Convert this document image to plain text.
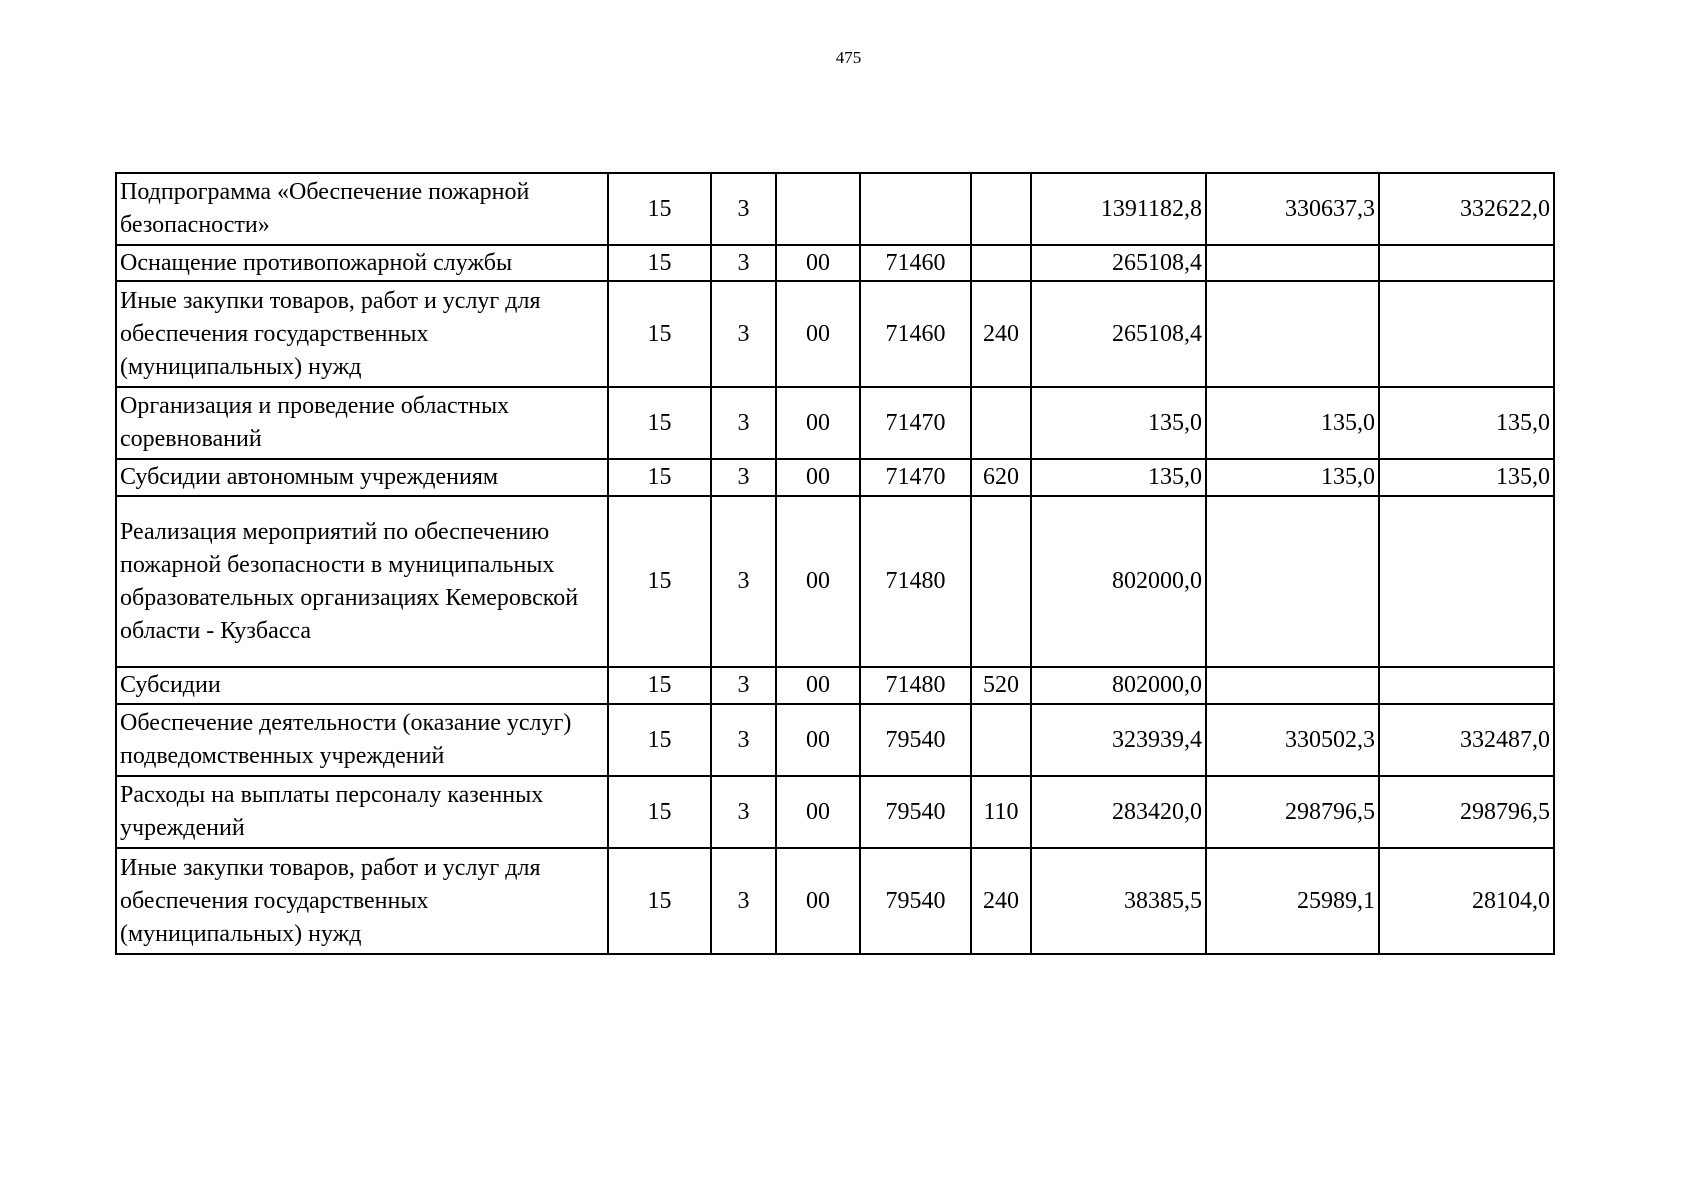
475
Подпрограмма «Обеспечение пожарной безопасности»	15	3				1391182,8	330637,3	332622,0
Оснащение противопожарной службы	15	3	00	71460		265108,4		
Иные закупки товаров, работ и услуг для обеспечения государственных (муниципальных) нужд	15	3	00	71460	240	265108,4		
Организация и проведение областных соревнований	15	3	00	71470		135,0	135,0	135,0
Субсидии автономным учреждениям	15	3	00	71470	620	135,0	135,0	135,0
Реализация мероприятий по обеспечению пожарной безопасности в муниципальных образовательных организациях Кемеровской области - Кузбасса	15	3	00	71480		802000,0		
Субсидии	15	3	00	71480	520	802000,0		
Обеспечение деятельности (оказание услуг) подведомственных учреждений	15	3	00	79540		323939,4	330502,3	332487,0
Расходы на выплаты персоналу казенных учреждений	15	3	00	79540	110	283420,0	298796,5	298796,5
Иные закупки товаров, работ и услуг для обеспечения государственных (муниципальных) нужд	15	3	00	79540	240	38385,5	25989,1	28104,0
